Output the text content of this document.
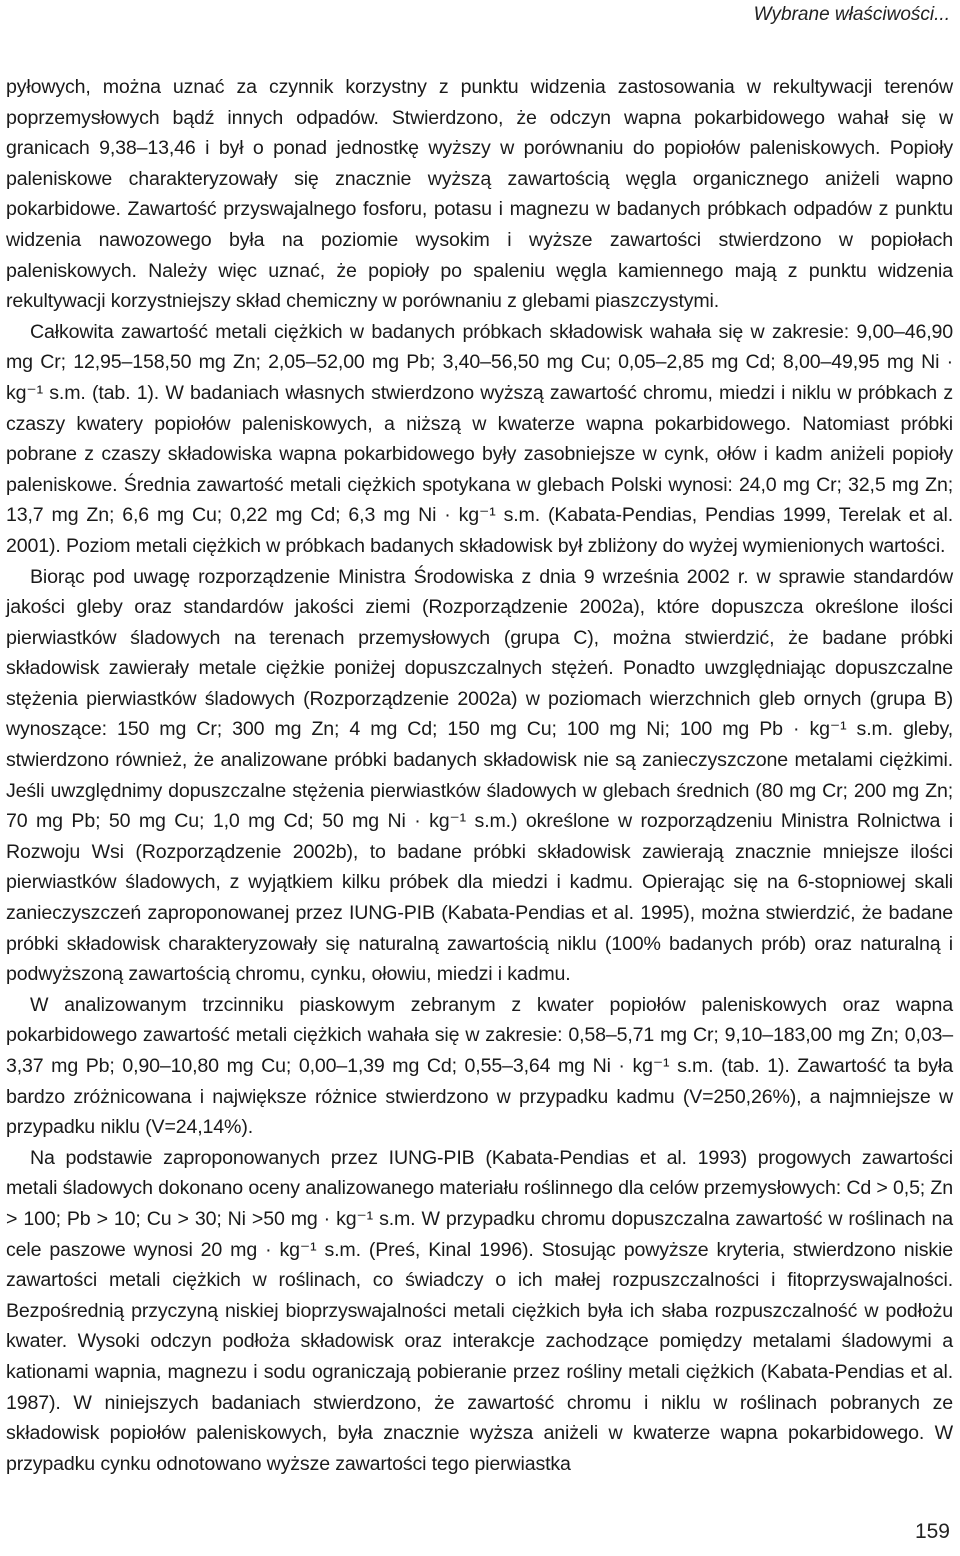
Wybrane właściwości...

pyłowych, można uznać za czynnik korzystny z punktu widzenia zastosowania w rekultywacji terenów poprzemysłowych bądź innych odpadów. Stwierdzono, że odczyn wapna pokarbidowego wahał się w granicach 9,38–13,46 i był o ponad jednostkę wyższy w porównaniu do popiołów paleniskowych. Popioły paleniskowe charakteryzowały się znacznie wyższą zawartością węgla organicznego aniżeli wapno pokarbidowe. Zawartość przyswajalnego fosforu, potasu i magnezu w badanych próbkach odpadów z punktu widzenia nawozowego była na poziomie wysokim i wyższe zawartości stwierdzono w popiołach paleniskowych. Należy więc uznać, że popioły po spaleniu węgla kamiennego mają z punktu widzenia rekultywacji korzystniejszy skład chemiczny w porównaniu z glebami piaszczystymi.

Całkowita zawartość metali ciężkich w badanych próbkach składowisk wahała się w zakresie: 9,00–46,90 mg Cr; 12,95–158,50 mg Zn; 2,05–52,00 mg Pb; 3,40–56,50 mg Cu; 0,05–2,85 mg Cd; 8,00–49,95 mg Ni · kg⁻¹ s.m. (tab. 1). W badaniach własnych stwierdzono wyższą zawartość chromu, miedzi i niklu w próbkach z czaszy kwatery popiołów paleniskowych, a niższą w kwaterze wapna pokarbidowego. Natomiast próbki pobrane z czaszy składowiska wapna pokarbidowego były zasobniejsze w cynk, ołów i kadm aniżeli popioły paleniskowe. Średnia zawartość metali ciężkich spotykana w glebach Polski wynosi: 24,0 mg Cr; 32,5 mg Zn; 13,7 mg Zn; 6,6 mg Cu; 0,22 mg Cd; 6,3 mg Ni · kg⁻¹ s.m. (Kabata-Pendias, Pendias 1999, Terelak et al. 2001). Poziom metali ciężkich w próbkach badanych składowisk był zbliżony do wyżej wymienionych wartości.

Biorąc pod uwagę rozporządzenie Ministra Środowiska z dnia 9 września 2002 r. w sprawie standardów jakości gleby oraz standardów jakości ziemi (Rozporządzenie 2002a), które dopuszcza określone ilości pierwiastków śladowych na terenach przemysłowych (grupa C), można stwierdzić, że badane próbki składowisk zawierały metale ciężkie poniżej dopuszczalnych stężeń. Ponadto uwzględniając dopuszczalne stężenia pierwiastków śladowych (Rozporządzenie 2002a) w poziomach wierzchnich gleb ornych (grupa B) wynoszące: 150 mg Cr; 300 mg Zn; 4 mg Cd; 150 mg Cu; 100 mg Ni; 100 mg Pb · kg⁻¹ s.m. gleby, stwierdzono również, że analizowane próbki badanych składowisk nie są zanieczyszczone metalami ciężkimi. Jeśli uwzględnimy dopuszczalne stężenia pierwiastków śladowych w glebach średnich (80 mg Cr; 200 mg Zn; 70 mg Pb; 50 mg Cu; 1,0 mg Cd; 50 mg Ni · kg⁻¹ s.m.) określone w rozporządzeniu Ministra Rolnictwa i Rozwoju Wsi (Rozporządzenie 2002b), to badane próbki składowisk zawierają znacznie mniejsze ilości pierwiastków śladowych, z wyjątkiem kilku próbek dla miedzi i kadmu. Opierając się na 6-stopniowej skali zanieczyszczeń zaproponowanej przez IUNG-PIB (Kabata-Pendias et al. 1995), można stwierdzić, że badane próbki składowisk charakteryzowały się naturalną zawartością niklu (100% badanych prób) oraz naturalną i podwyższoną zawartością chromu, cynku, ołowiu, miedzi i kadmu.

W analizowanym trzcinniku piaskowym zebranym z kwater popiołów paleniskowych oraz wapna pokarbidowego zawartość metali ciężkich wahała się w zakresie: 0,58–5,71 mg Cr; 9,10–183,00 mg Zn; 0,03–3,37 mg Pb; 0,90–10,80 mg Cu; 0,00–1,39 mg Cd; 0,55–3,64 mg Ni · kg⁻¹ s.m. (tab. 1). Zawartość ta była bardzo zróżnicowana i największe różnice stwierdzono w przypadku kadmu (V=250,26%), a najmniejsze w przypadku niklu (V=24,14%).

Na podstawie zaproponowanych przez IUNG-PIB (Kabata-Pendias et al. 1993) progowych zawartości metali śladowych dokonano oceny analizowanego materiału roślinnego dla celów przemysłowych: Cd > 0,5; Zn > 100; Pb > 10; Cu > 30; Ni >50 mg · kg⁻¹ s.m. W przypadku chromu dopuszczalna zawartość w roślinach na cele paszowe wynosi 20 mg · kg⁻¹ s.m. (Preś, Kinal 1996). Stosując powyższe kryteria, stwierdzono niskie zawartości metali ciężkich w roślinach, co świadczy o ich małej rozpuszczalności i fitoprzyswajalności. Bezpośrednią przyczyną niskiej bioprzyswajalności metali ciężkich była ich słaba rozpuszczalność w podłożu kwater. Wysoki odczyn podłoża składowisk oraz interakcje zachodzące pomiędzy metalami śladowymi a kationami wapnia, magnezu i sodu ograniczają pobieranie przez rośliny metali ciężkich (Kabata-Pendias et al. 1987). W niniejszych badaniach stwierdzono, że zawartość chromu i niklu w roślinach pobranych ze składowisk popiołów paleniskowych, była znacznie wyższa aniżeli w kwaterze wapna pokarbidowego. W przypadku cynku odnotowano wyższe zawartości tego pierwiastka

159
